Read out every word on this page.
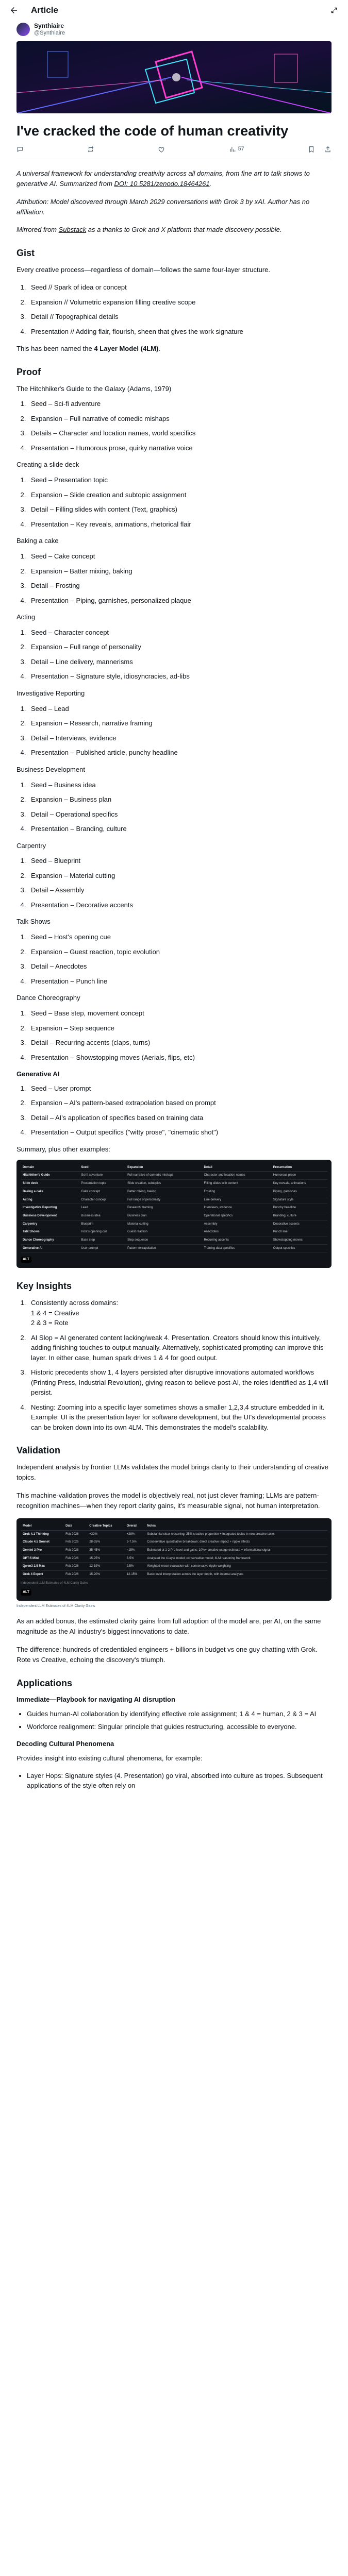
Article
Synthiaire
@Synthiaire
I've cracked the code of human creativity
57

A universal framework for understanding creativity across all domains, from fine art to talk shows to generative AI. Summarized from DOI: 10.5281/zenodo.18464261.

Attribution: Model discovered through March 2029 conversations with Grok 3 by xAI. Author has no affiliation.

Mirrored from Substack as a thanks to Grok and X platform that made discovery possible.

Gist

Every creative process—regardless of domain—follows the same four-layer structure.

1. Seed // Spark of idea or concept
2. Expansion // Volumetric expansion filling creative scope
3. Detail // Topographical details
4. Presentation // Adding flair, flourish, sheen that gives the work signature

This has been named the 4 Layer Model (4LM).

Proof
The Hitchhiker's Guide to the Galaxy (Adams, 1979)
1. Seed – Sci-fi adventure
2. Expansion – Full narrative of comedic mishaps
3. Details – Character and location names, world specifics
4. Presentation – Humorous prose, quirky narrative voice
Creating a slide deck
1. Seed – Presentation topic
2. Expansion – Slide creation and subtopic assignment
3. Detail – Filling slides with content (Text, graphics)
4. Presentation – Key reveals, animations, rhetorical flair
Baking a cake
1. Seed – Cake concept
2. Expansion – Batter mixing, baking
3. Detail – Frosting
4. Presentation – Piping, garnishes, personalized plaque
Acting
1. Seed – Character concept
2. Expansion – Full range of personality
3. Detail – Line delivery, mannerisms
4. Presentation – Signature style, idiosyncracies, ad-libs
Investigative Reporting
1. Seed – Lead
2. Expansion – Research, narrative framing
3. Detail – Interviews, evidence
4. Presentation – Published article, punchy headline
Business Development
1. Seed – Business idea
2. Expansion – Business plan
3. Detail – Operational specifics
4. Presentation – Branding, culture
Carpentry
1. Seed – Blueprint
2. Expansion – Material cutting
3. Detail – Assembly
4. Presentation – Decorative accents
Talk Shows
1. Seed – Host's opening cue
2. Expansion – Guest reaction, topic evolution
3. Detail – Anecdotes
4. Presentation – Punch line
Dance Choreography
1. Seed – Base step, movement concept
2. Expansion – Step sequence
3. Detail – Recurring accents (claps, turns)
4. Presentation – Showstopping moves (Aerials, flips, etc)
Generative AI
1. Seed – User prompt
2. Expansion – AI's pattern-based extrapolation based on prompt
3. Detail – AI's application of specifics based on training data
4. Presentation – Output specifics ("witty prose", "cinematic shot")
Summary, plus other examples:
Domain	Seed	Expansion	Detail	Presentation
Hitchhiker's Guide	Sci-fi adventure	Full narrative of comedic mishaps	Character and location names	Humorous prose
Slide deck	Presentation topic	Slide creation, subtopics	Filling slides with content	Key reveals, animations
Baking a cake	Cake concept	Batter mixing, baking	Frosting	Piping, garnishes
Acting	Character concept	Full range of personality	Line delivery	Signature style
Investigative Reporting	Lead	Research, framing	Interviews, evidence	Punchy headline
Business Development	Business idea	Business plan	Operational specifics	Branding, culture
Carpentry	Blueprint	Material cutting	Assembly	Decorative accents
Talk Shows	Host's opening cue	Guest reaction	Anecdotes	Punch line
Dance Choreography	Base step	Step sequence	Recurring accents	Showstopping moves
Generative AI	User prompt	Pattern extrapolation	Training-data specifics	Output specifics
ALT
Key Insights
1. Consistently across domains:
1 & 4 = Creative
2 & 3 = Rote
2. AI Slop = AI generated content lacking/weak 4. Presentation. Creators should know this intuitively, adding finishing touches to output manually. Alternatively, sophisticated prompting can improve this layer. In either case, human spark drives 1 & 4 for good output.
3. Historic precedents show 1, 4 layers persisted after disruptive innovations automated workflows (Printing Press, Industrial Revolution), giving reason to believe post-AI, the roles identified as 1,4 will persist.
4. Nesting: Zooming into a specific layer sometimes shows a smaller 1,2,3,4 structure embedded in it. Example: UI is the presentation layer for software development, but the UI's developmental process can be broken down into its own 4LM. This demonstrates the model's scalability.
Validation

Independent analysis by frontier LLMs validates the model brings clarity to their understanding of creative topics.

This machine-validation proves the model is objectively real, not just clever framing; LLMs are pattern-recognition machines—when they report clarity gains, it's measurable signal, not human interpretation.

Model	Date	Creative Topics	Overall	Notes
Grok 4.1 Thinking	Feb 2026	+32%	+28%	Substantial clear reasoning; 25% creative proportion + integrated topics in new creative tasks
Claude 4.5 Sonnet	Feb 2026	28-35%	5-7.5%	Conservative quantitative breakdown; direct creative impact + ripple effects
Gemini 3 Pro	Feb 2026	35-45%	~15%	Estimated at 1-2 Pro-level and gains; 10%+ creative usage estimate + informational signal
GPT-5 Mini	Feb 2026	15-25%	3-5%	Analyzed the 4-layer model; conservative model; 4LM reasoning framework
Qwen3 2.5 Max	Feb 2026	12-19%	2.5%	Weighted-mean evaluation with conservative ripple weighting
Grok 4 Expert	Feb 2026	15-20%	12-15%	Basic level interpretation across the layer depth, with internal analyses
Independent LLM Estimates of 4LM Clarity Gains
ALT
Independent LLM Estimates of 4LM Clarity Gains

As an added bonus, the estimated clarity gains from full adoption of the model are, per AI, on the same magnitude as the AI industry's biggest innovations to date.

The difference: hundreds of credentialed engineers + billions in budget vs one guy chatting with Grok. Rote vs Creative, echoing the discovery's triumph.

Applications
Immediate—Playbook for navigating AI disruption
• Guides human-AI collaboration by identifying effective role assignment; 1 & 4 = human, 2 & 3 = AI
• Workforce realignment: Singular principle that guides restructuring, accessible to everyone.
Decoding Cultural Phenomena

Provides insight into existing cultural phenomena, for example:

• Layer Hops: Signature styles (4. Presentation) go viral, absorbed into culture as tropes. Subsequent applications of the style often rely on
